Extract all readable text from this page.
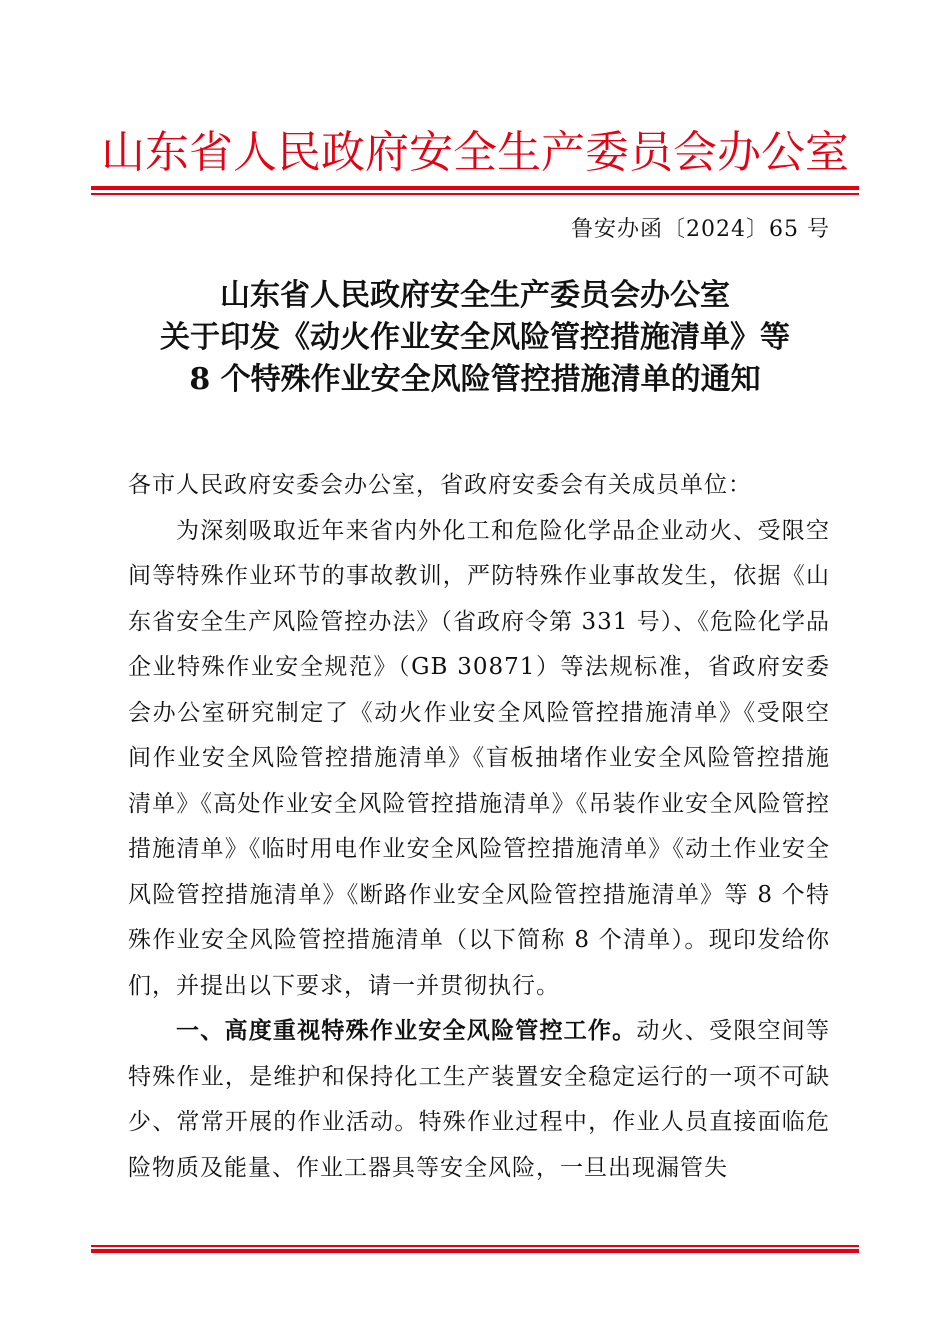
山东省人民政府安全生产委员会办公室
鲁安办函〔2024〕65 号
山东省人民政府安全生产委员会办公室
关于印发《动火作业安全风险管控措施清单》等
8 个特殊作业安全风险管控措施清单的通知

各市人民政府安委会办公室，省政府安委会有关成员单位：

为深刻吸取近年来省内外化工和危险化学品企业动火、受限空间等特殊作业环节的事故教训，严防特殊作业事故发生，依据《山东省安全生产风险管控办法》（省政府令第 331 号）、《危险化学品企业特殊作业安全规范》（GB 30871）等法规标准，省政府安委会办公室研究制定了《动火作业安全风险管控措施清单》《受限空间作业安全风险管控措施清单》《盲板抽堵作业安全风险管控措施清单》《高处作业安全风险管控措施清单》《吊装作业安全风险管控措施清单》《临时用电作业安全风险管控措施清单》《动土作业安全风险管控措施清单》《断路作业安全风险管控措施清单》等 8 个特殊作业安全风险管控措施清单（以下简称 8 个清单）。现印发给你们，并提出以下要求，请一并贯彻执行。

一、高度重视特殊作业安全风险管控工作。动火、受限空间等特殊作业，是维护和保持化工生产装置安全稳定运行的一项不可缺少、常常开展的作业活动。特殊作业过程中，作业人员直接面临危险物质及能量、作业工器具等安全风险，一旦出现漏管失
